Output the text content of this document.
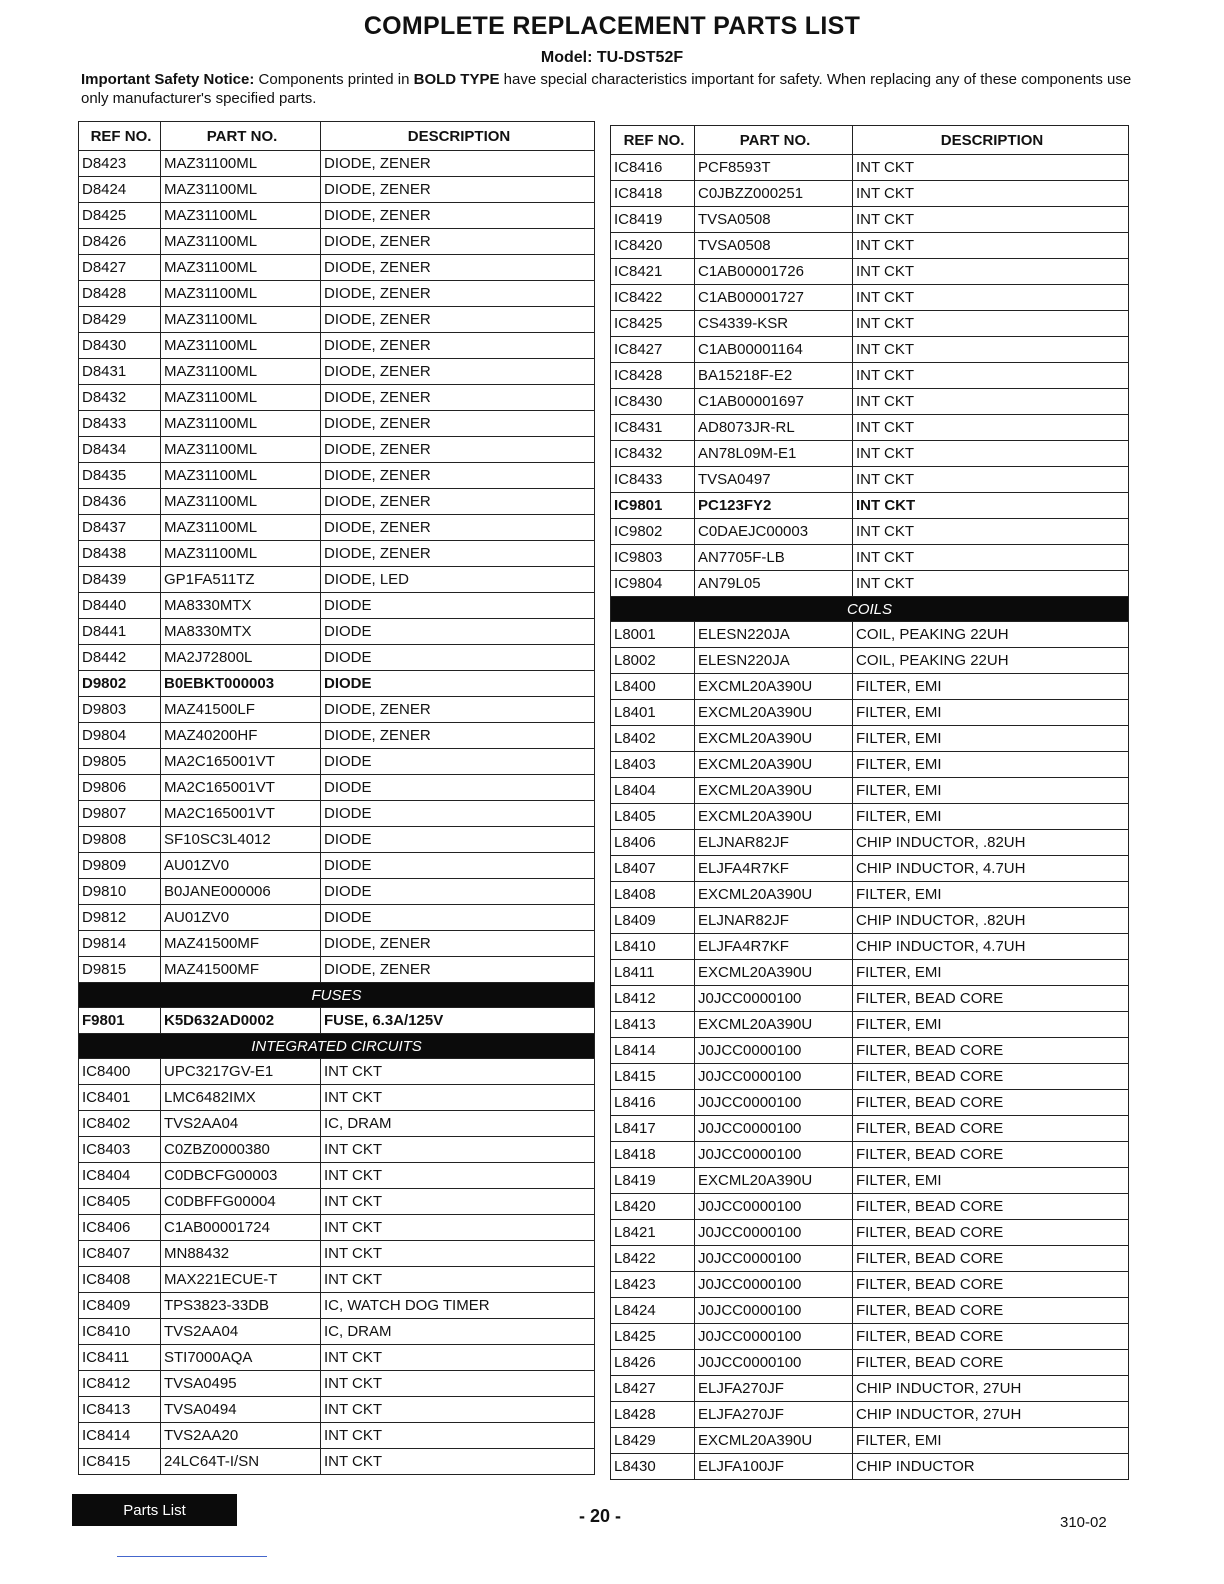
COMPLETE REPLACEMENT PARTS LIST
Model: TU-DST52F
Important Safety Notice: Components printed in BOLD TYPE have special characteristics important for safety. When replacing any of these components use only manufacturer's specified parts.
REF NO.	PART NO.	DESCRIPTION
D8423	MAZ31100ML	DIODE, ZENER
D8424	MAZ31100ML	DIODE, ZENER
D8425	MAZ31100ML	DIODE, ZENER
D8426	MAZ31100ML	DIODE, ZENER
D8427	MAZ31100ML	DIODE, ZENER
D8428	MAZ31100ML	DIODE, ZENER
D8429	MAZ31100ML	DIODE, ZENER
D8430	MAZ31100ML	DIODE, ZENER
D8431	MAZ31100ML	DIODE, ZENER
D8432	MAZ31100ML	DIODE, ZENER
D8433	MAZ31100ML	DIODE, ZENER
D8434	MAZ31100ML	DIODE, ZENER
D8435	MAZ31100ML	DIODE, ZENER
D8436	MAZ31100ML	DIODE, ZENER
D8437	MAZ31100ML	DIODE, ZENER
D8438	MAZ31100ML	DIODE, ZENER
D8439	GP1FA511TZ	DIODE, LED
D8440	MA8330MTX	DIODE
D8441	MA8330MTX	DIODE
D8442	MA2J72800L	DIODE
D9802	B0EBKT000003	DIODE
D9803	MAZ41500LF	DIODE, ZENER
D9804	MAZ40200HF	DIODE, ZENER
D9805	MA2C165001VT	DIODE
D9806	MA2C165001VT	DIODE
D9807	MA2C165001VT	DIODE
D9808	SF10SC3L4012	DIODE
D9809	AU01ZV0	DIODE
D9810	B0JANE000006	DIODE
D9812	AU01ZV0	DIODE
D9814	MAZ41500MF	DIODE, ZENER
D9815	MAZ41500MF	DIODE, ZENER
FUSES		
F9801	K5D632AD0002	FUSE, 6.3A/125V
INTEGRATED CIRCUITS		
IC8400	UPC3217GV-E1	INT CKT
IC8401	LMC6482IMX	INT CKT
IC8402	TVS2AA04	IC, DRAM
IC8403	C0ZBZ0000380	INT CKT
IC8404	C0DBCFG00003	INT CKT
IC8405	C0DBFFG00004	INT CKT
IC8406	C1AB00001724	INT CKT
IC8407	MN88432	INT CKT
IC8408	MAX221ECUE-T	INT CKT
IC8409	TPS3823-33DB	IC, WATCH DOG TIMER
IC8410	TVS2AA04	IC, DRAM
IC8411	STI7000AQA	INT CKT
IC8412	TVSA0495	INT CKT
IC8413	TVSA0494	INT CKT
IC8414	TVS2AA20	INT CKT
IC8415	24LC64T-I/SN	INT CKT
REF NO.	PART NO.	DESCRIPTION
IC8416	PCF8593T	INT CKT
IC8418	C0JBZZ000251	INT CKT
IC8419	TVSA0508	INT CKT
IC8420	TVSA0508	INT CKT
IC8421	C1AB00001726	INT CKT
IC8422	C1AB00001727	INT CKT
IC8425	CS4339-KSR	INT CKT
IC8427	C1AB00001164	INT CKT
IC8428	BA15218F-E2	INT CKT
IC8430	C1AB00001697	INT CKT
IC8431	AD8073JR-RL	INT CKT
IC8432	AN78L09M-E1	INT CKT
IC8433	TVSA0497	INT CKT
IC9801	PC123FY2	INT CKT
IC9802	C0DAEJC00003	INT CKT
IC9803	AN7705F-LB	INT CKT
IC9804	AN79L05	INT CKT
COILS		
L8001	ELESN220JA	COIL, PEAKING 22UH
L8002	ELESN220JA	COIL, PEAKING 22UH
L8400	EXCML20A390U	FILTER, EMI
L8401	EXCML20A390U	FILTER, EMI
L8402	EXCML20A390U	FILTER, EMI
L8403	EXCML20A390U	FILTER, EMI
L8404	EXCML20A390U	FILTER, EMI
L8405	EXCML20A390U	FILTER, EMI
L8406	ELJNAR82JF	CHIP INDUCTOR, .82UH
L8407	ELJFA4R7KF	CHIP INDUCTOR, 4.7UH
L8408	EXCML20A390U	FILTER, EMI
L8409	ELJNAR82JF	CHIP INDUCTOR, .82UH
L8410	ELJFA4R7KF	CHIP INDUCTOR, 4.7UH
L8411	EXCML20A390U	FILTER, EMI
L8412	J0JCC0000100	FILTER, BEAD CORE
L8413	EXCML20A390U	FILTER, EMI
L8414	J0JCC0000100	FILTER, BEAD CORE
L8415	J0JCC0000100	FILTER, BEAD CORE
L8416	J0JCC0000100	FILTER, BEAD CORE
L8417	J0JCC0000100	FILTER, BEAD CORE
L8418	J0JCC0000100	FILTER, BEAD CORE
L8419	EXCML20A390U	FILTER, EMI
L8420	J0JCC0000100	FILTER, BEAD CORE
L8421	J0JCC0000100	FILTER, BEAD CORE
L8422	J0JCC0000100	FILTER, BEAD CORE
L8423	J0JCC0000100	FILTER, BEAD CORE
L8424	J0JCC0000100	FILTER, BEAD CORE
L8425	J0JCC0000100	FILTER, BEAD CORE
L8426	J0JCC0000100	FILTER, BEAD CORE
L8427	ELJFA270JF	CHIP INDUCTOR, 27UH
L8428	ELJFA270JF	CHIP INDUCTOR, 27UH
L8429	EXCML20A390U	FILTER, EMI
L8430	ELJFA100JF	CHIP INDUCTOR
Parts List	- 20 -	310-02
